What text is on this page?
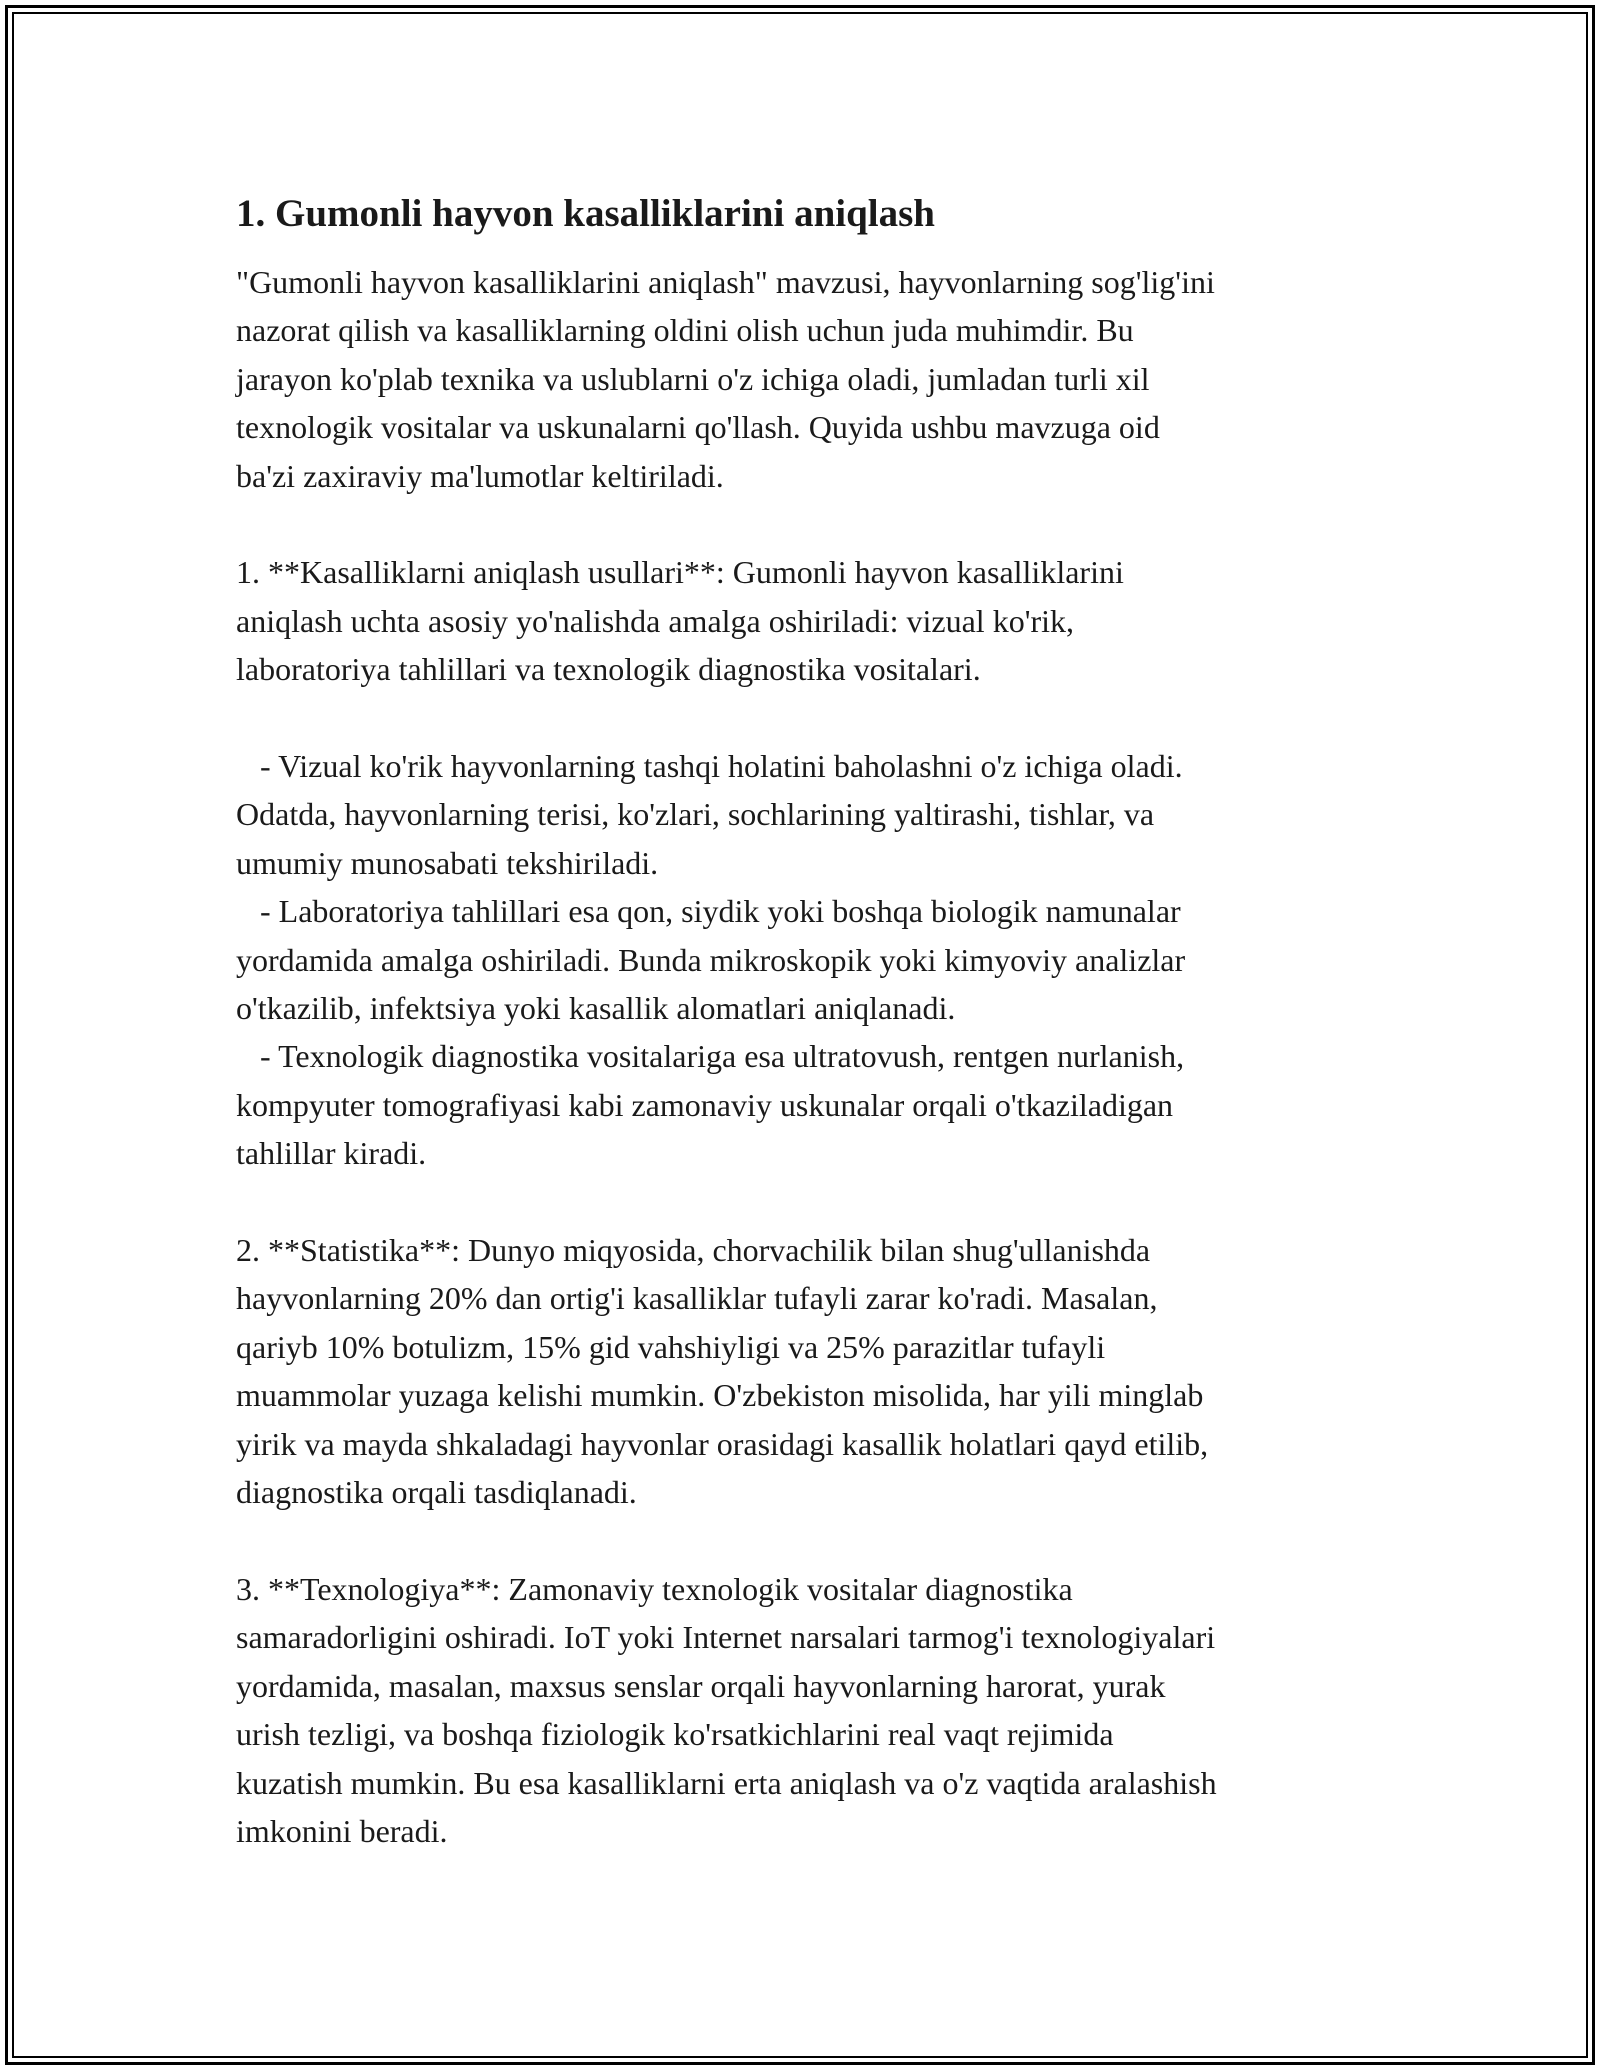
1. Gumonli hayvon kasalliklarini aniqlash

"Gumonli hayvon kasalliklarini aniqlash" mavzusi, hayvonlarning sog'lig'ini
nazorat qilish va kasalliklarning oldini olish uchun juda muhimdir. Bu
jarayon ko'plab texnika va uslublarni o'z ichiga oladi, jumladan turli xil
texnologik vositalar va uskunalarni qo'llash. Quyida ushbu mavzuga oid
ba'zi zaxiraviy ma'lumotlar keltiriladi.

1. **Kasalliklarni aniqlash usullari**: Gumonli hayvon kasalliklarini
aniqlash uchta asosiy yo'nalishda amalga oshiriladi: vizual ko'rik,
laboratoriya tahlillari va texnologik diagnostika vositalari.

- Vizual ko'rik hayvonlarning tashqi holatini baholashni o'z ichiga oladi.
Odatda, hayvonlarning terisi, ko'zlari, sochlarining yaltirashi, tishlar, va
umumiy munosabati tekshiriladi.
- Laboratoriya tahlillari esa qon, siydik yoki boshqa biologik namunalar
yordamida amalga oshiriladi. Bunda mikroskopik yoki kimyoviy analizlar
o'tkazilib, infektsiya yoki kasallik alomatlari aniqlanadi.
- Texnologik diagnostika vositalariga esa ultratovush, rentgen nurlanish,
kompyuter tomografiyasi kabi zamonaviy uskunalar orqali o'tkaziladigan
tahlillar kiradi.

2. **Statistika**: Dunyo miqyosida, chorvachilik bilan shug'ullanishda
hayvonlarning 20% dan ortig'i kasalliklar tufayli zarar ko'radi. Masalan,
qariyb 10% botulizm, 15% gid vahshiyligi va 25% parazitlar tufayli
muammolar yuzaga kelishi mumkin. O'zbekiston misolida, har yili minglab
yirik va mayda shkaladagi hayvonlar orasidagi kasallik holatlari qayd etilib,
diagnostika orqali tasdiqlanadi.

3. **Texnologiya**: Zamonaviy texnologik vositalar diagnostika
samaradorligini oshiradi. IoT yoki Internet narsalari tarmog'i texnologiyalari
yordamida, masalan, maxsus senslar orqali hayvonlarning harorat, yurak
urish tezligi, va boshqa fiziologik ko'rsatkichlarini real vaqt rejimida
kuzatish mumkin. Bu esa kasalliklarni erta aniqlash va o'z vaqtida aralashish
imkonini beradi.
